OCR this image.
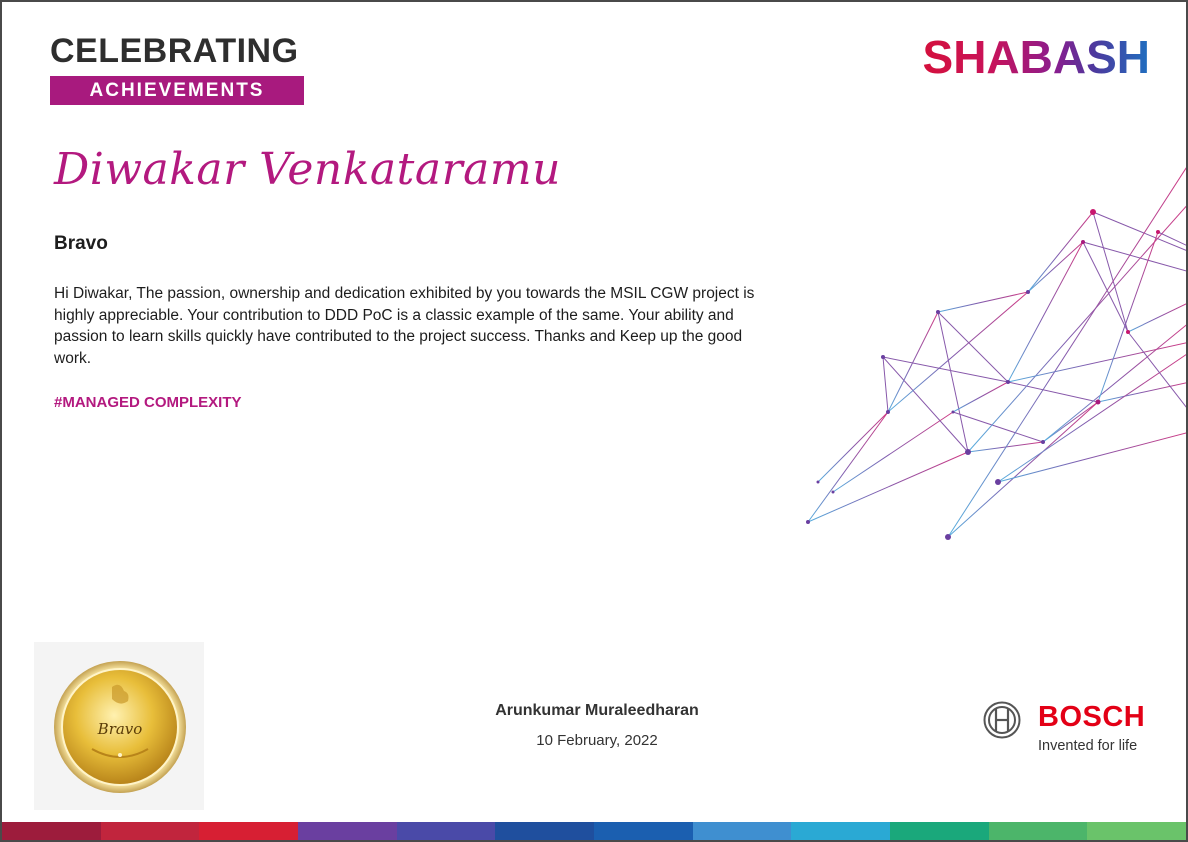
CELEBRATING
ACHIEVEMENTS
SHABASH
Diwakar Venkataramu
Bravo
Hi Diwakar, The passion, ownership and dedication exhibited by you towards the MSIL CGW project is highly appreciable. Your contribution to DDD PoC is a classic example of the same. Your ability and passion to learn skills quickly have contributed to the project success. Thanks and Keep up the good work.
#MANAGED COMPLEXITY
Bravo
Arunkumar Muraleedharan
10 February, 2022
BOSCH
Invented for life
